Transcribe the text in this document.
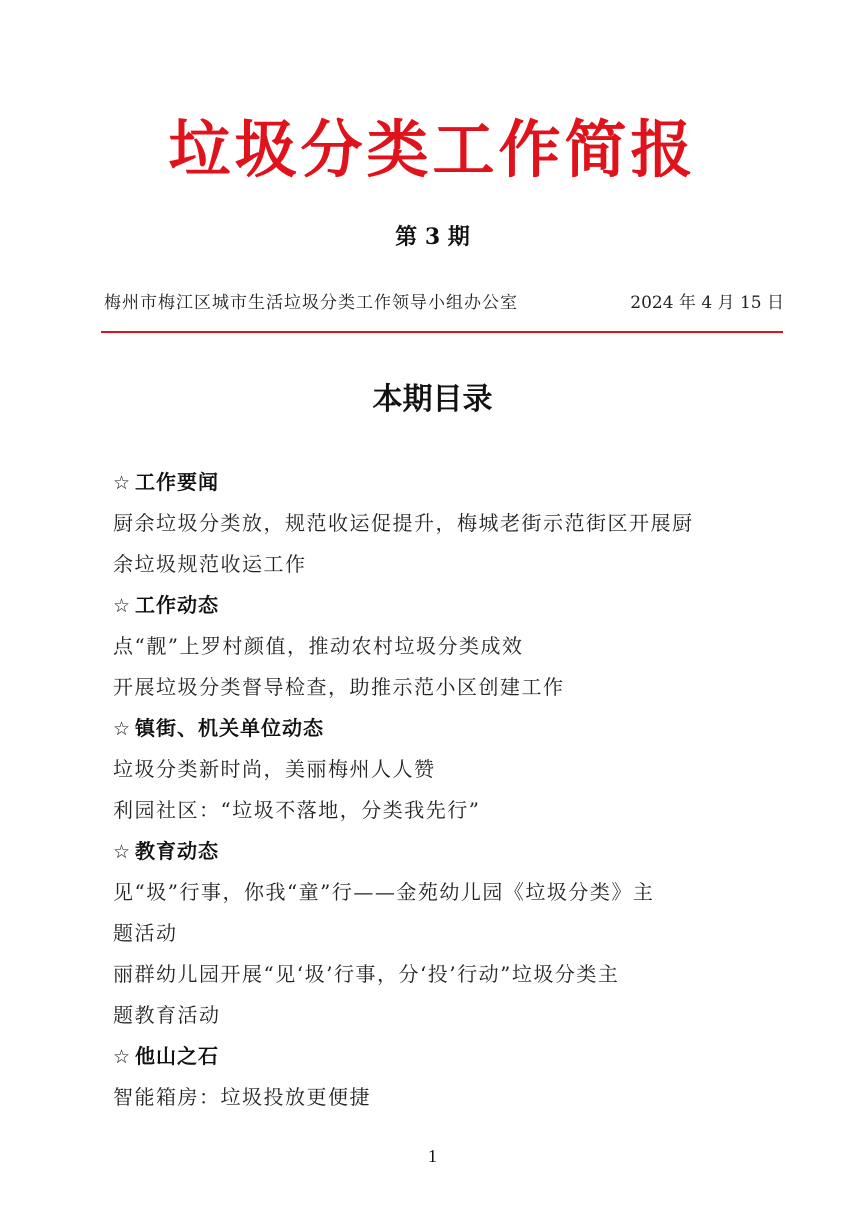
垃圾分类工作简报
第 3 期
梅州市梅江区城市生活垃圾分类工作领导小组办公室	2024 年 4 月 15 日
本期目录
☆ 工作要闻
厨余垃圾分类放，规范收运促提升，梅城老街示范街区开展厨
余垃圾规范收运工作
☆ 工作动态
点“靓”上罗村颜值，推动农村垃圾分类成效
开展垃圾分类督导检查，助推示范小区创建工作
☆ 镇街、机关单位动态
垃圾分类新时尚，美丽梅州人人赞
利园社区：“垃圾不落地，分类我先行”
☆ 教育动态
见“圾”行事，你我“童”行——金苑幼儿园《垃圾分类》主
题活动
丽群幼儿园开展“见‘圾’行事，分‘投’行动”垃圾分类主
题教育活动
☆ 他山之石
智能箱房：垃圾投放更便捷
1
